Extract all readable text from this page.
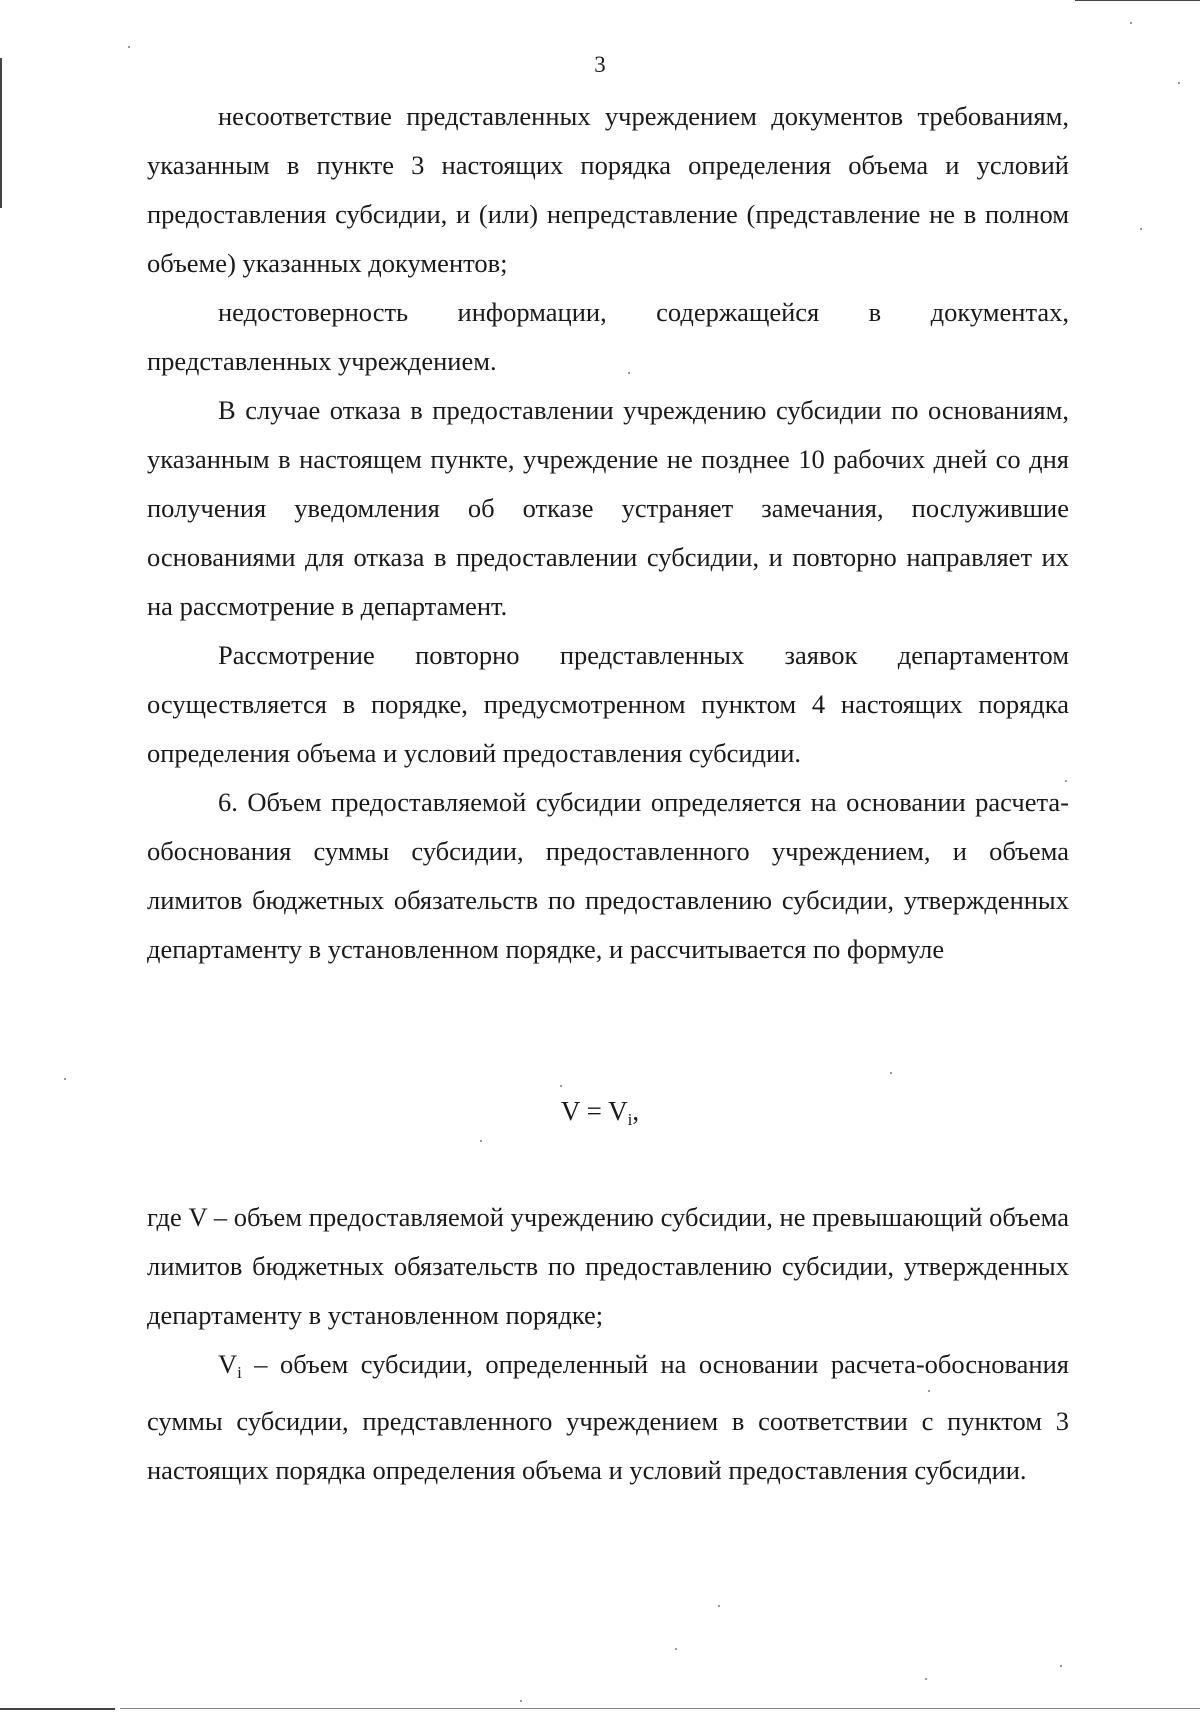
3

несоответствие представленных учреждением документов требованиям, указанным в пункте 3 настоящих порядка определения объема и условий предоставления субсидии, и (или) непредставление (представление не в полном объеме) указанных документов;

недостоверность информации, содержащейся в документах, представленных учреждением.

В случае отказа в предоставлении учреждению субсидии по основаниям, указанным в настоящем пункте, учреждение не позднее 10 рабочих дней со дня получения уведомления об отказе устраняет замечания, послужившие основаниями для отказа в предоставлении субсидии, и повторно направляет их на рассмотрение в департамент.

Рассмотрение повторно представленных заявок департаментом осуществляется в порядке, предусмотренном пунктом 4 настоящих порядка определения объема и условий предоставления субсидии.

6. Объем предоставляемой субсидии определяется на основании расчета-обоснования суммы субсидии, предоставленного учреждением, и объема лимитов бюджетных обязательств по предоставлению субсидии, утвержденных департаменту в установленном порядке, и рассчитывается по формуле

$V = V_i$,

где V – объем предоставляемой учреждению субсидии, не превышающий объема лимитов бюджетных обязательств по предоставлению субсидии, утвержденных департаменту в установленном порядке;

$V_i$ – объем субсидии, определенный на основании расчета-обоснования суммы субсидии, представленного учреждением в соответствии с пунктом 3 настоящих порядка определения объема и условий предоставления субсидии.
